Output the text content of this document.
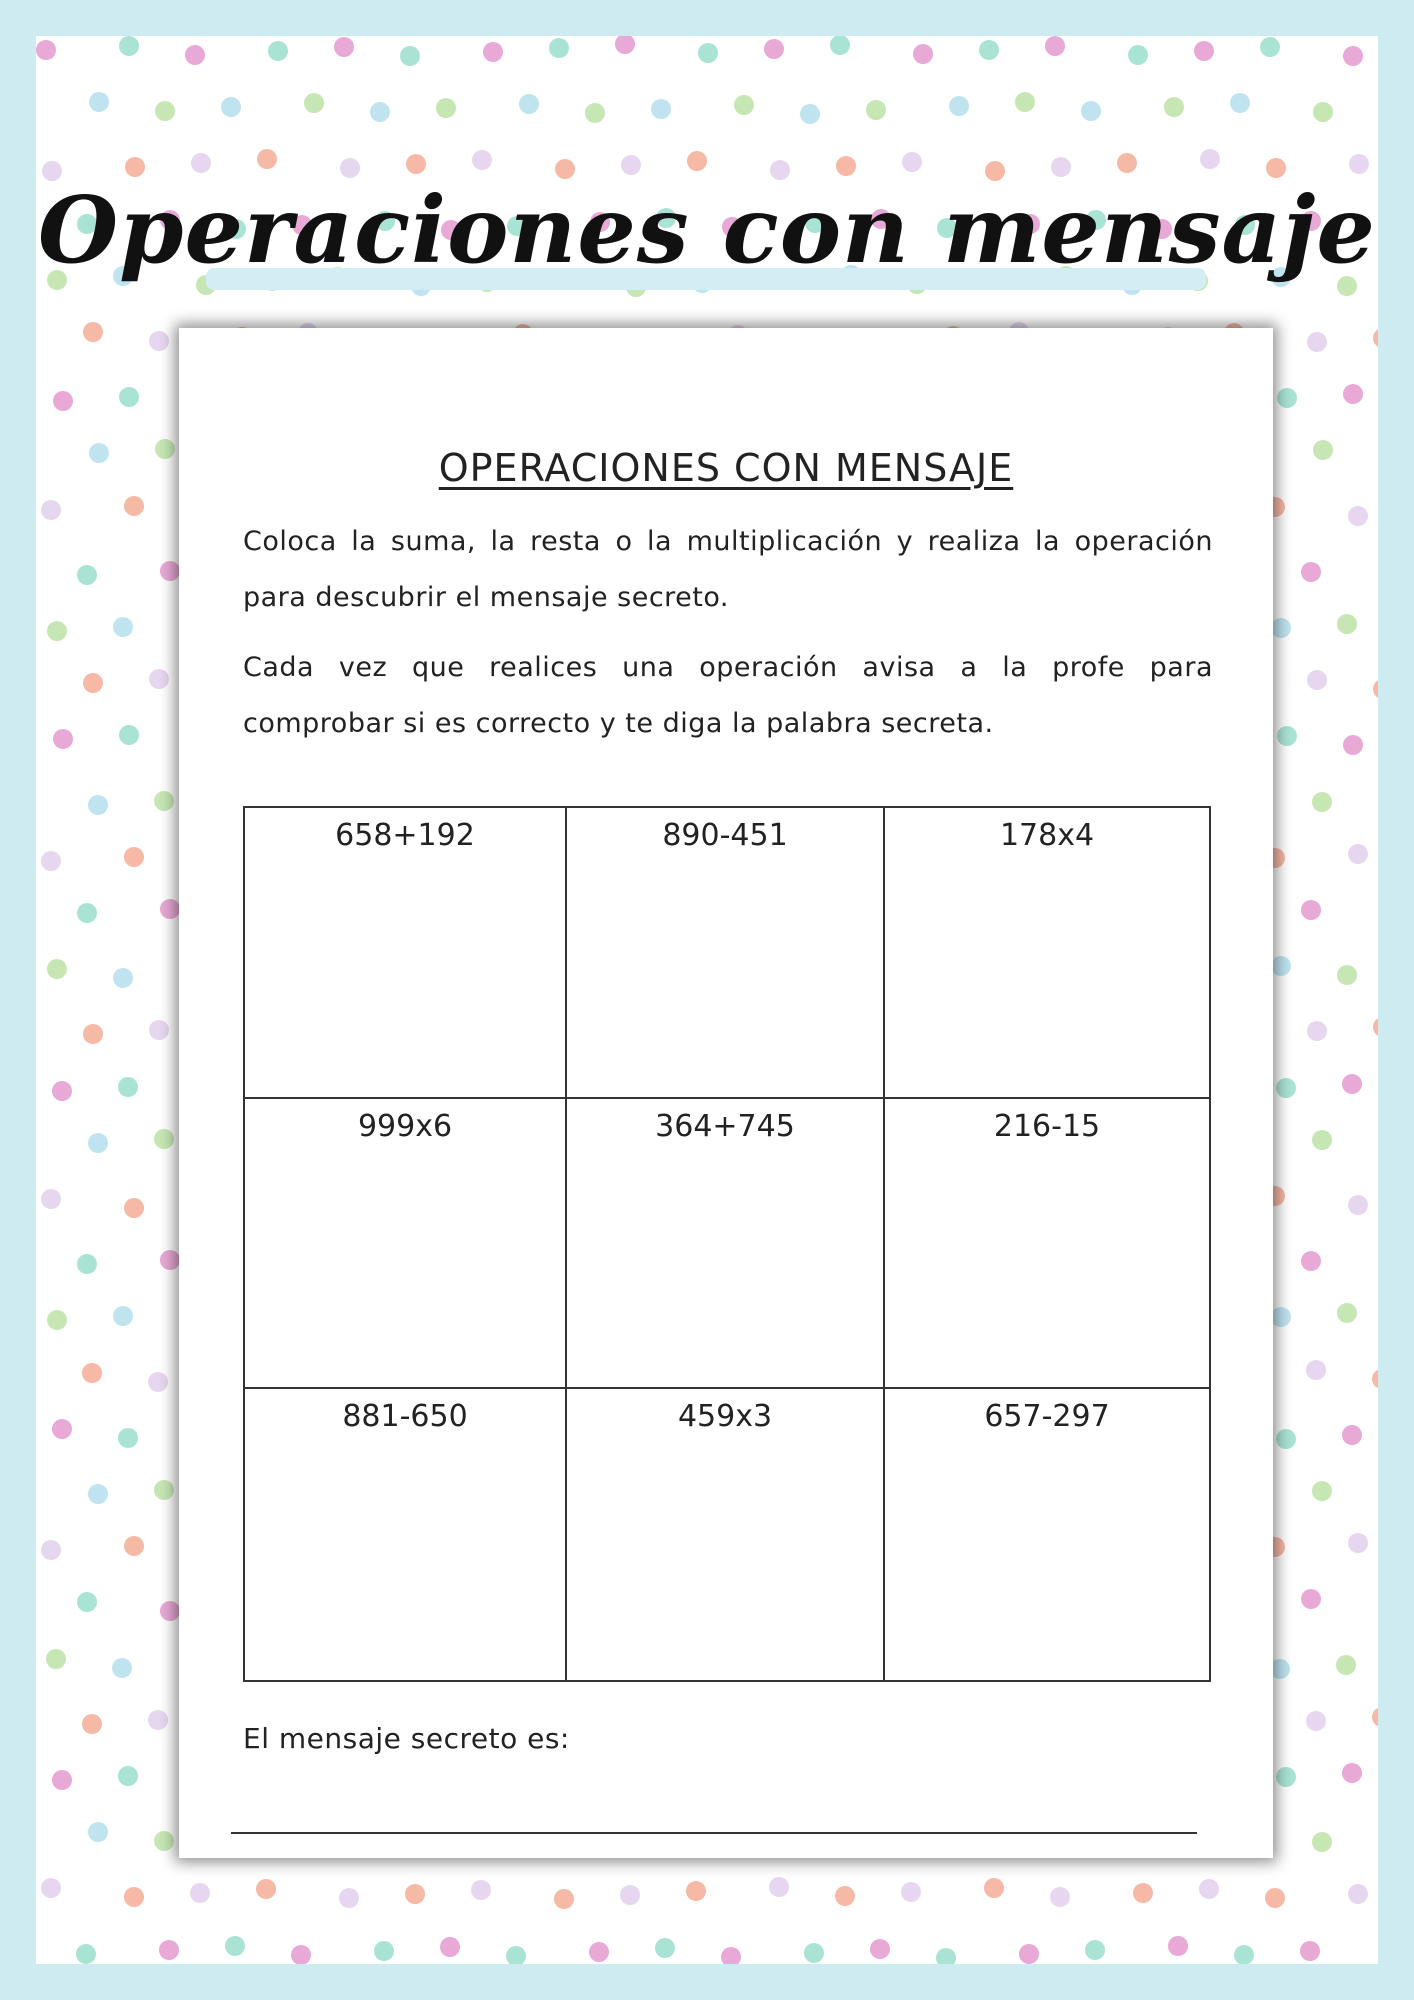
Operaciones con mensaje
OPERACIONES CON MENSAJE
Coloca la suma, la resta o la multiplicación y realiza la operación para descubrir el mensaje secreto.
Cada vez que realices una operación avisa a la profe para comprobar si es correcto y te diga la palabra secreta.
658+192	890-451	178x4
999x6	364+745	216-15
881-650	459x3	657-297
El mensaje secreto es:
